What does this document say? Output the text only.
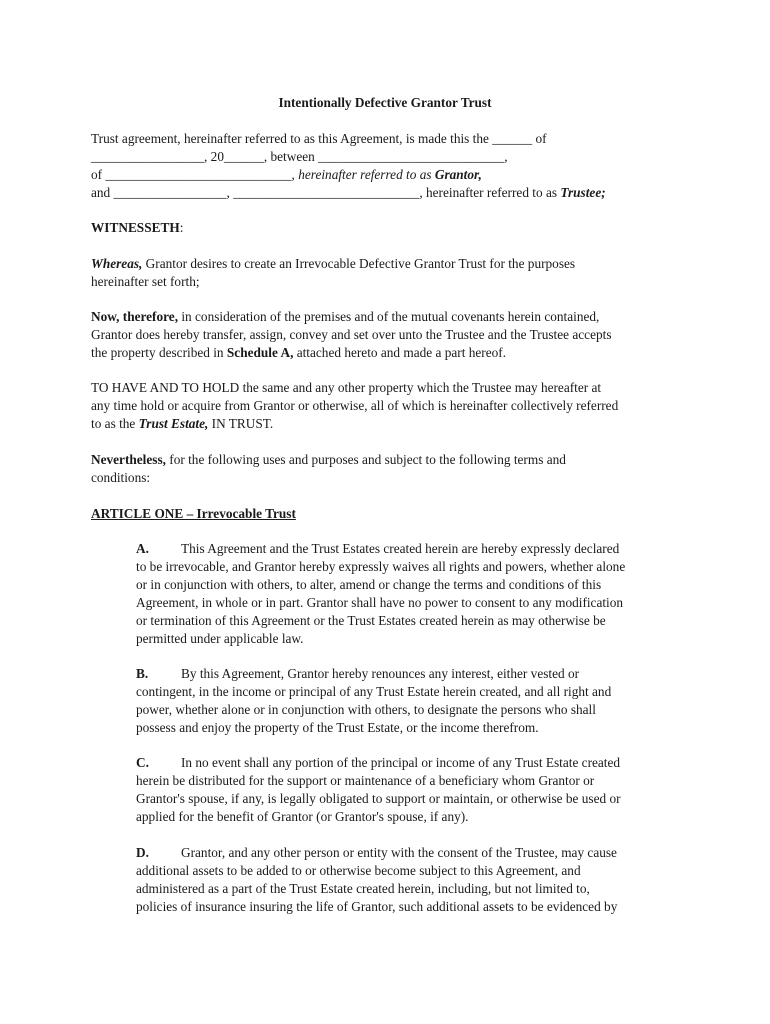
Intentionally Defective Grantor Trust
Trust agreement, hereinafter referred to as this Agreement, is made this the ______ of
_________________, 20______, between ____________________________,
of ____________________________, hereinafter referred to as Grantor,
and _________________, ____________________________, hereinafter referred to as Trustee;
WITNESSETH:
Whereas, Grantor desires to create an Irrevocable Defective Grantor Trust for the purposes
hereinafter set forth;
Now, therefore, in consideration of the premises and of the mutual covenants herein contained,
Grantor does hereby transfer, assign, convey and set over unto the Trustee and the Trustee accepts
the property described in Schedule A, attached hereto and made a part hereof.
TO HAVE AND TO HOLD the same and any other property which the Trustee may hereafter at
any time hold or acquire from Grantor or otherwise, all of which is hereinafter collectively referred
to as the Trust Estate, IN TRUST.
Nevertheless, for the following uses and purposes and subject to the following terms and
conditions:
ARTICLE ONE – Irrevocable Trust
A. This Agreement and the Trust Estates created herein are hereby expressly declared
to be irrevocable, and Grantor hereby expressly waives all rights and powers, whether alone
or in conjunction with others, to alter, amend or change the terms and conditions of this
Agreement, in whole or in part. Grantor shall have no power to consent to any modification
or termination of this Agreement or the Trust Estates created herein as may otherwise be
permitted under applicable law.
B. By this Agreement, Grantor hereby renounces any interest, either vested or
contingent, in the income or principal of any Trust Estate herein created, and all right and
power, whether alone or in conjunction with others, to designate the persons who shall
possess and enjoy the property of the Trust Estate, or the income therefrom.
C. In no event shall any portion of the principal or income of any Trust Estate created
herein be distributed for the support or maintenance of a beneficiary whom Grantor or
Grantor's spouse, if any, is legally obligated to support or maintain, or otherwise be used or
applied for the benefit of Grantor (or Grantor's spouse, if any).
D. Grantor, and any other person or entity with the consent of the Trustee, may cause
additional assets to be added to or otherwise become subject to this Agreement, and
administered as a part of the Trust Estate created herein, including, but not limited to,
policies of insurance insuring the life of Grantor, such additional assets to be evidenced by
